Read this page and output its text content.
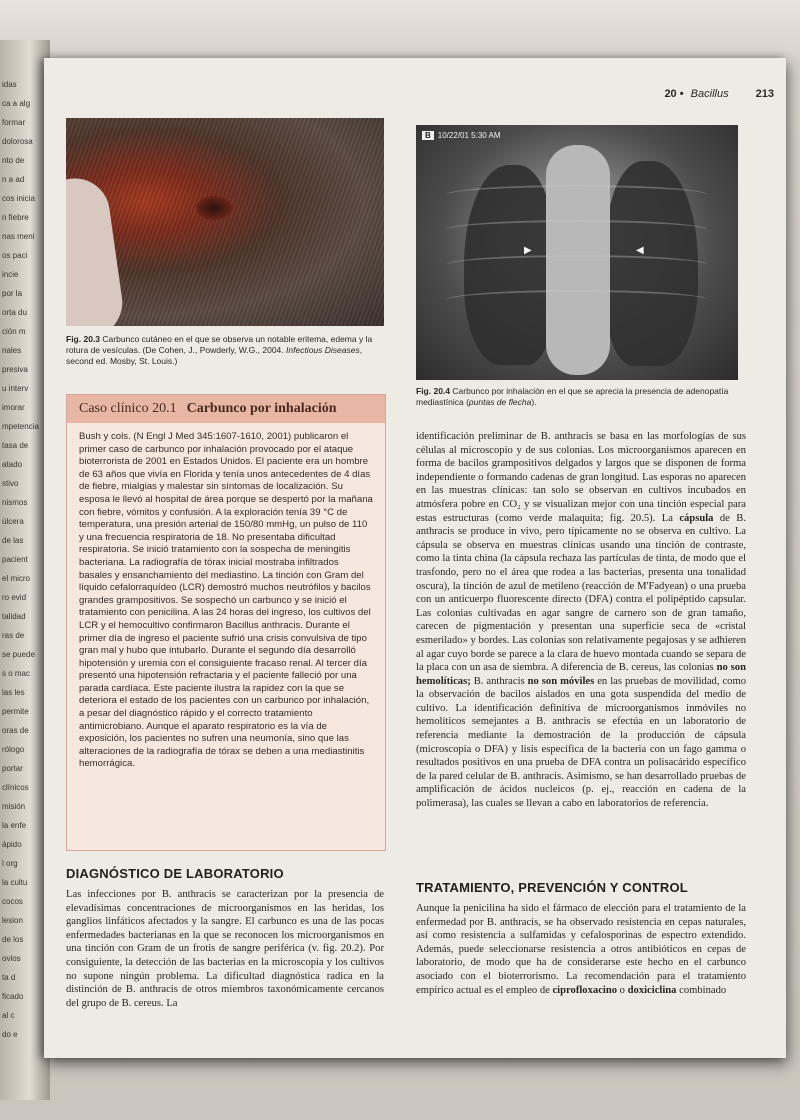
idas
ca a alg
formar
dolorosa
nto de
n a ad
cos inicia
n fiebre
nas meni
os paci
incie
por la
orta du
ción m
nales
presiva
u interv
imorar
mpetencia
tasa de
atado
stivo
nismos
úlcera
de las
pacient
el micro
ro evid
talidad
ras de
se puede
s o mac
las les
permite
oras de
rólogo
portar
clínicos
misión
la enfe
ápido
l org
la cultu
cocos
lesion
de los
ovios
ta d
ficado
al c
do e
20 • Bacillus 213
Fig. 20.3 Carbunco cutáneo en el que se observa un notable eritema, edema y la rotura de vesículas. (De Cohen, J., Powderly, W.G., 2004. Infectious Diseases, second ed. Mosby, St. Louis.)
B 10/22/01 5:30 AM
▶	◀
Fig. 20.4 Carbunco por inhalación en el que se aprecia la presencia de adenopatía mediastínica (puntas de flecha).
Caso clínico 20.1 Carbunco por inhalación
Bush y cols. (N Engl J Med 345:1607-1610, 2001) publicaron el primer caso de carbunco por inhalación provocado por el ataque bioterrorista de 2001 en Estados Unidos. El paciente era un hombre de 63 años que vivía en Florida y tenía unos antecedentes de 4 días de fiebre, mialgias y malestar sin síntomas de localización. Su esposa le llevó al hospital de área porque se despertó por la mañana con fiebre, vómitos y confusión. A la exploración tenía 39 °C de temperatura, una presión arterial de 150/80 mmHg, un pulso de 110 y una frecuencia respiratoria de 18. No presentaba dificultad respiratoria. Se inició tratamiento con la sospecha de meningitis bacteriana. La radiografía de tórax inicial mostraba infiltrados basales y ensanchamiento del mediastino. La tinción con Gram del líquido cefalorraquídeo (LCR) demostró muchos neutrófilos y bacilos grandes grampositivos. Se sospechó un carbunco y se inició el tratamiento con penicilina. A las 24 horas del ingreso, los cultivos del LCR y el hemocultivo confirmaron Bacillus anthracis. Durante el primer día de ingreso el paciente sufrió una crisis convulsiva de tipo gran mal y hubo que intubarlo. Durante el segundo día desarrolló hipotensión y uremia con el consiguiente fracaso renal. Al tercer día presentó una hipotensión refractaria y el paciente falleció por una parada cardíaca. Este paciente ilustra la rapidez con la que se deteriora el estado de los pacientes con un carbunco por inhalación, a pesar del diagnóstico rápido y el correcto tratamiento antimicrobiano. Aunque el aparato respiratorio es la vía de exposición, los pacientes no sufren una neumonía, sino que las alteraciones de la radiografía de tórax se deben a una mediastinitis hemorrágica.
DIAGNÓSTICO DE LABORATORIO

Las infecciones por B. anthracis se caracterizan por la presencia de elevadísimas concentraciones de microorganismos en las heridas, los ganglios linfáticos afectados y la sangre. El carbunco es una de las pocas enfermedades bacterianas en la que se reconocen los microorganismos en una tinción con Gram de un frotis de sangre periférica (v. fig. 20.2). Por consiguiente, la detección de las bacterias en la microscopia y los cultivos no supone ningún problema. La dificultad diagnóstica radica en la distinción de B. anthracis de otros miembros taxonómicamente cercanos del grupo de B. cereus. La

identificación preliminar de B. anthracis se basa en las morfologías de sus células al microscopio y de sus colonias. Los microorganismos aparecen en forma de bacilos grampositivos delgados y largos que se disponen de forma independiente o formando cadenas de gran longitud. Las esporas no aparecen en las muestras clínicas: tan solo se observan en cultivos incubados en atmósfera pobre en CO₂ y se visualizan mejor con una tinción especial para estas estructuras (como verde malaquita; fig. 20.5). La cápsula de B. anthracis se produce in vivo, pero típicamente no se observa en cultivo. La cápsula se observa en muestras clínicas usando una tinción de contraste, como la tinta china (la cápsula rechaza las partículas de tinta, de modo que el trasfondo, pero no el área que rodea a las bacterias, presenta una tonalidad oscura), la tinción de azul de metileno (reacción de M'Fadyean) o una prueba con un anticuerpo fluorescente directo (DFA) contra el polipéptido capsular. Las colonias cultivadas en agar sangre de carnero son de gran tamaño, carecen de pigmentación y presentan una superficie seca de «cristal esmerilado» y bordes. Las colonias son relativamente pegajosas y se adhieren al agar cuyo borde se parece a la clara de huevo montada cuando se separa de la placa con un asa de siembra. A diferencia de B. cereus, las colonias no son hemolíticas; B. anthracis no son móviles en las pruebas de movilidad, como la observación de bacilos aislados en una gota suspendida del medio de cultivo. La identificación definitiva de microorganismos inmóviles no hemolíticos semejantes a B. anthracis se efectúa en un laboratorio de referencia mediante la demostración de la producción de cápsula (microscopia o DFA) y lisis específica de la bacteria con un fago gamma o resultados positivos en una prueba de DFA contra un polisacárido específico de la pared celular de B. anthracis. Asimismo, se han desarrollado pruebas de amplificación de ácidos nucleicos (p. ej., reacción en cadena de la polimerasa), las cuales se llevan a cabo en laboratorios de referencia.

TRATAMIENTO, PREVENCIÓN Y CONTROL

Aunque la penicilina ha sido el fármaco de elección para el tratamiento de la enfermedad por B. anthracis, se ha observado resistencia en cepas naturales, así como resistencia a sulfamidas y cefalosporinas de espectro extendido. Además, puede seleccionarse resistencia a otros antibióticos en cepas de laboratorio, de modo que ha de considerarse este hecho en el carbunco asociado con el bioterrorismo. La recomendación para el tratamiento empírico actual es el empleo de ciprofloxacino o doxiciclina combinado
